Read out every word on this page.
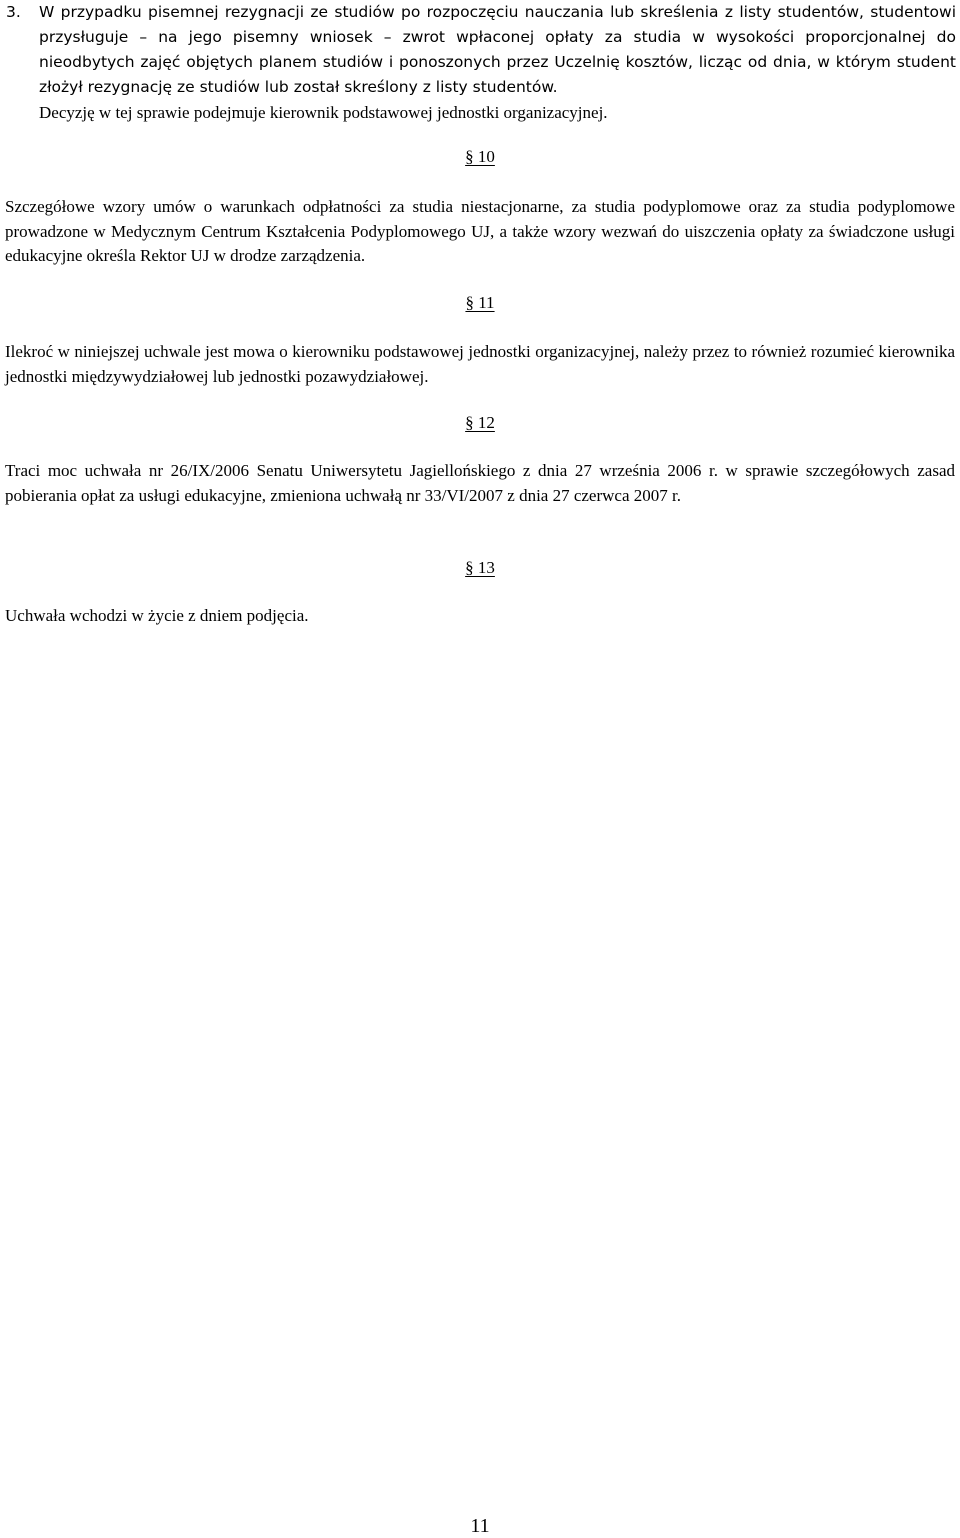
3. W przypadku pisemnej rezygnacji ze studiów po rozpoczęciu nauczania lub skreślenia z listy studentów, studentowi przysługuje – na jego pisemny wniosek – zwrot wpłaconej opłaty za studia w wysokości proporcjonalnej do nieodbytych zajęć objętych planem studiów i ponoszonych przez Uczelnię kosztów, licząc od dnia, w którym student złożył rezygnację ze studiów lub został skreślony z listy studentów.
Decyzję w tej sprawie podejmuje kierownik podstawowej jednostki organizacyjnej.
§ 10
Szczegółowe wzory umów o warunkach odpłatności za studia niestacjonarne, za studia podyplomowe oraz za studia podyplomowe prowadzone w Medycznym Centrum Kształcenia Podyplomowego UJ, a także wzory wezwań do uiszczenia opłaty za świadczone usługi edukacyjne określa Rektor UJ w drodze zarządzenia.
§ 11
Ilekroć w niniejszej uchwale jest mowa o kierowniku podstawowej jednostki organizacyjnej, należy przez to również rozumieć kierownika jednostki międzywydziałowej lub jednostki pozawydziałowej.
§ 12
Traci moc uchwała nr 26/IX/2006 Senatu Uniwersytetu Jagiellońskiego z dnia 27 września 2006 r. w sprawie szczegółowych zasad pobierania opłat za usługi edukacyjne, zmieniona uchwałą nr 33/VI/2007 z dnia 27 czerwca 2007 r.
§ 13
Uchwała wchodzi w życie z dniem podjęcia.
11
